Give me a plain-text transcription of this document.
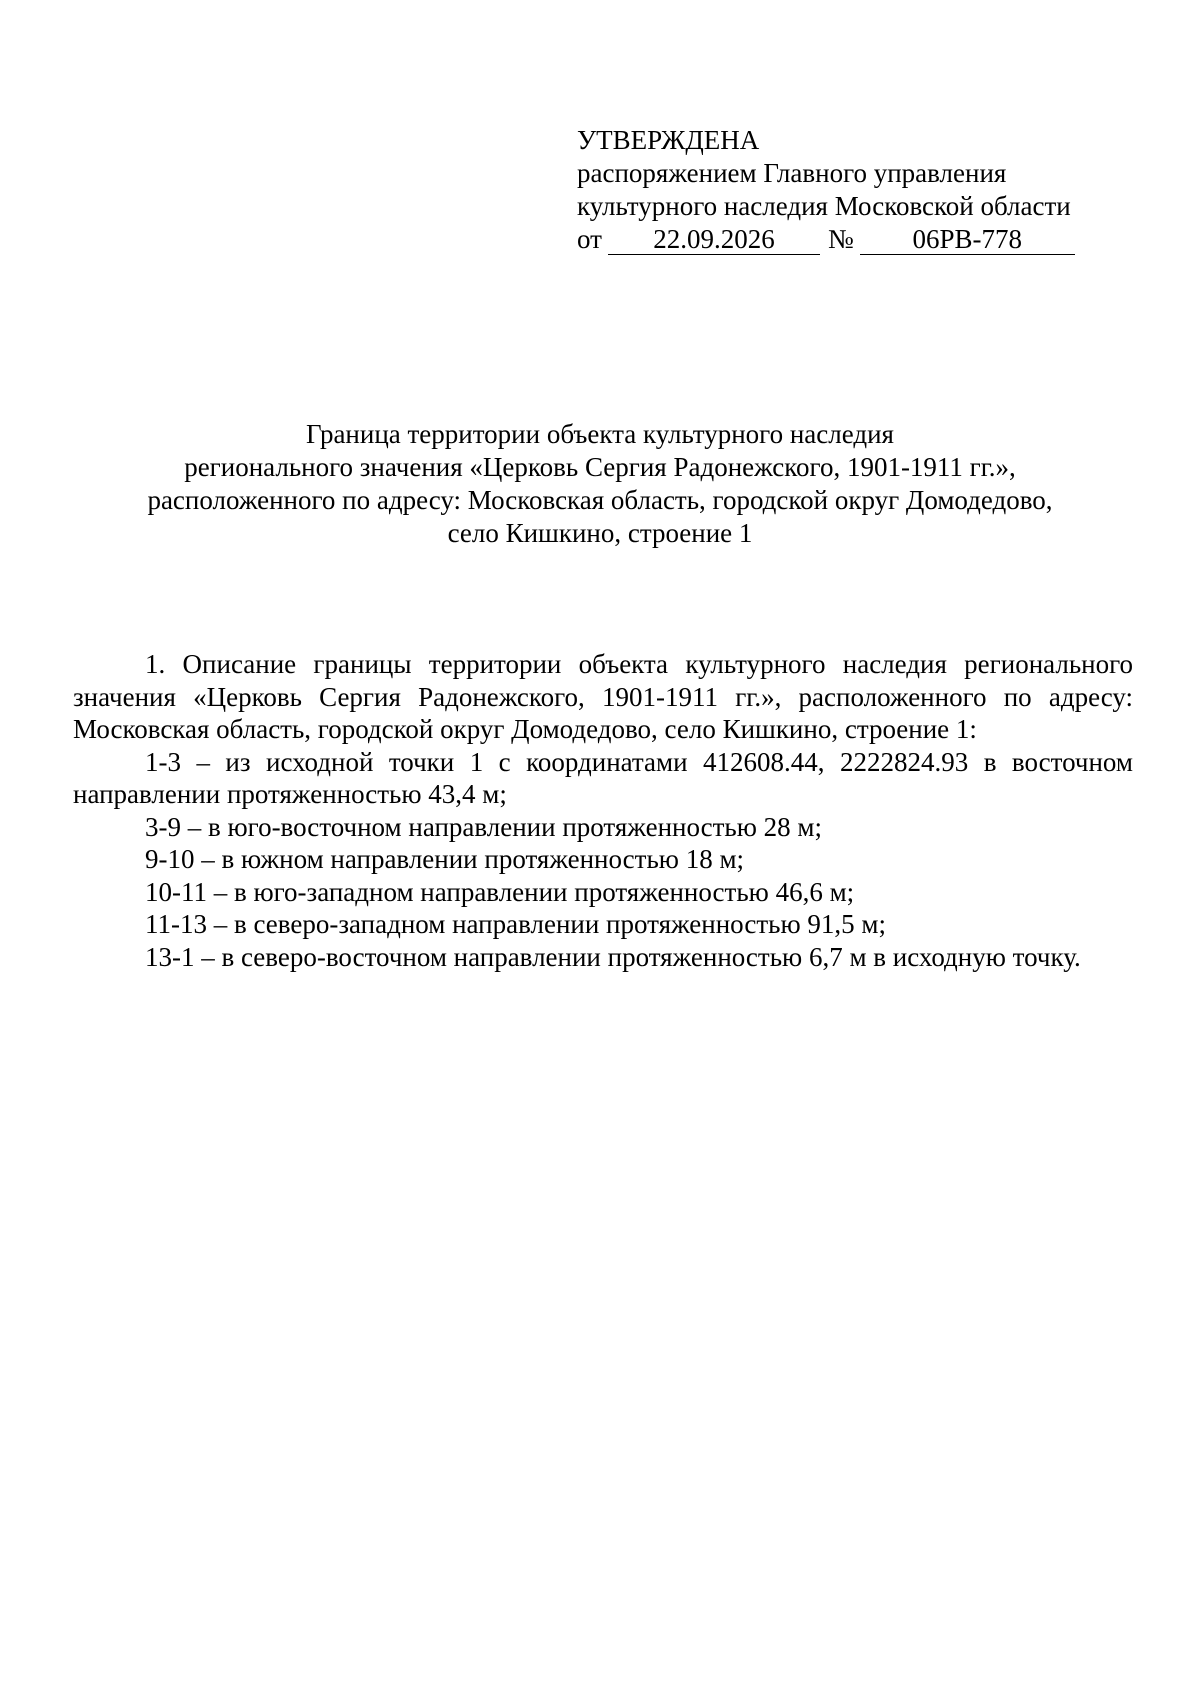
УТВЕРЖДЕНА
распоряжением Главного управления
культурного наследия Московской области
от 22.09.2026 № 06РВ-778
Граница территории объекта культурного наследия
регионального значения «Церковь Сергия Радонежского, 1901-1911 гг.»,
расположенного по адресу: Московская область, городской округ Домодедово,
село Кишкино, строение 1

1. Описание границы территории объекта культурного наследия регионального значения «Церковь Сергия Радонежского, 1901-1911 гг.», расположенного по адресу: Московская область, городской округ Домодедово, село Кишкино, строение 1:

1-3 – из исходной точки 1 с координатами 412608.44, 2222824.93 в восточном направлении протяженностью 43,4 м;

3-9 – в юго-восточном направлении протяженностью 28 м;

9-10 – в южном направлении протяженностью 18 м;

10-11 – в юго-западном направлении протяженностью 46,6 м;

11-13 – в северо-западном направлении протяженностью 91,5 м;

13-1 – в северо-восточном направлении протяженностью 6,7 м в исходную точку.
